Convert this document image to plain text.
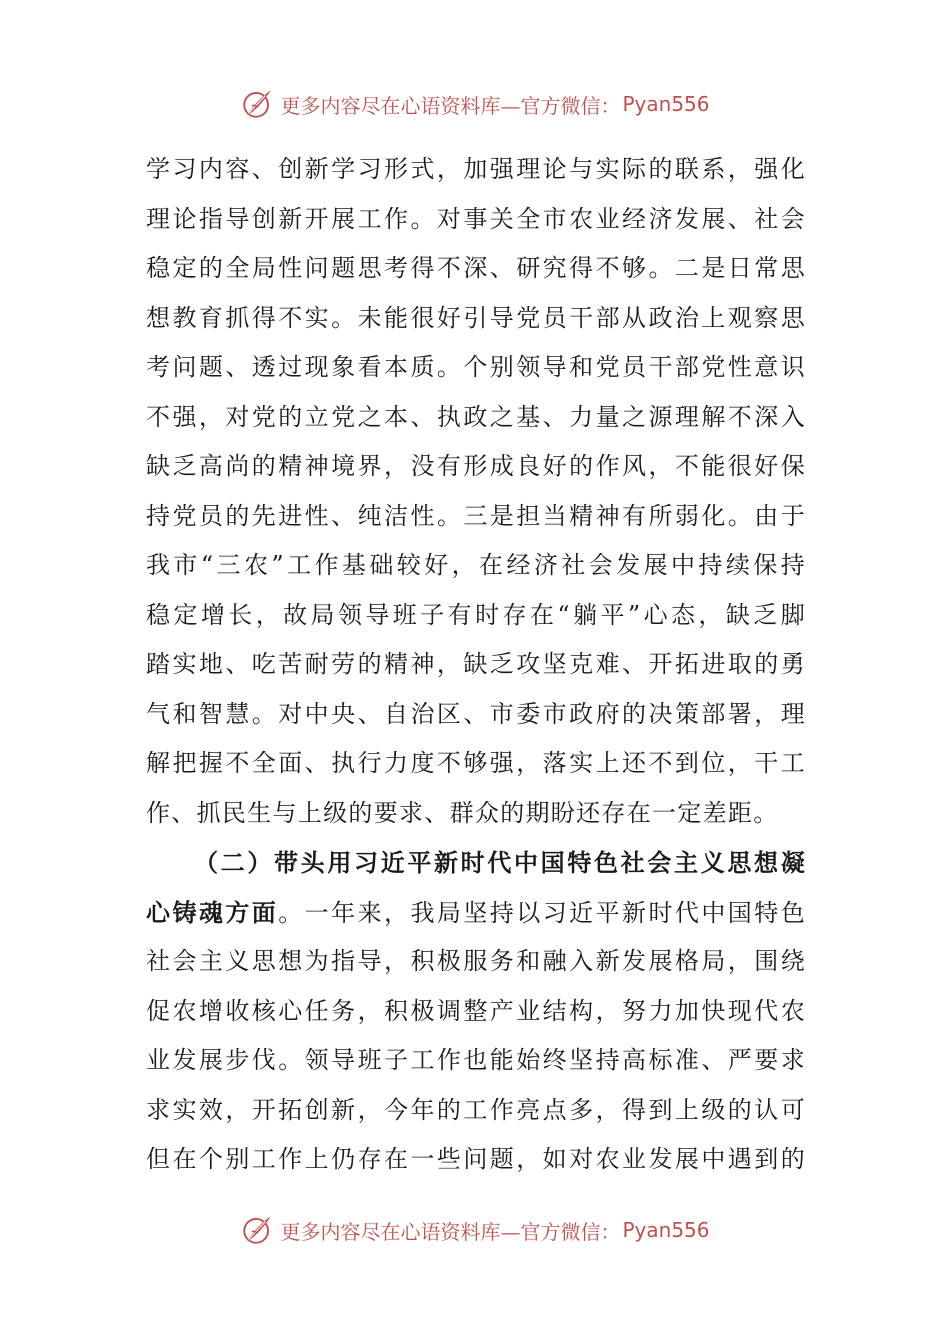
更多内容尽在心语资料库—官方微信： Pyan556
学习内容、创新学习形式，加强理论与实际的联系，强化
理论指导创新开展工作。对事关全市农业经济发展、社会
稳定的全局性问题思考得不深、研究得不够。二是日常思
想教育抓得不实。未能很好引导党员干部从政治上观察思
考问题、透过现象看本质。个别领导和党员干部党性意识
不强，对党的立党之本、执政之基、力量之源理解不深入
缺乏高尚的精神境界，没有形成良好的作风，不能很好保
持党员的先进性、纯洁性。三是担当精神有所弱化。由于
我市“三农”工作基础较好，在经济社会发展中持续保持
稳定增长，故局领导班子有时存在“躺平”心态，缺乏脚
踏实地、吃苦耐劳的精神，缺乏攻坚克难、开拓进取的勇
气和智慧。对中央、自治区、市委市政府的决策部署，理
解把握不全面、执行力度不够强，落实上还不到位，干工
作、抓民生与上级的要求、群众的期盼还存在一定差距。
（二）带头用习近平新时代中国特色社会主义思想凝
心铸魂方面。一年来，我局坚持以习近平新时代中国特色
社会主义思想为指导，积极服务和融入新发展格局，围绕
促农增收核心任务，积极调整产业结构，努力加快现代农
业发展步伐。领导班子工作也能始终坚持高标准、严要求
求实效，开拓创新，今年的工作亮点多，得到上级的认可
但在个别工作上仍存在一些问题，如对农业发展中遇到的
更多内容尽在心语资料库—官方微信： Pyan556
